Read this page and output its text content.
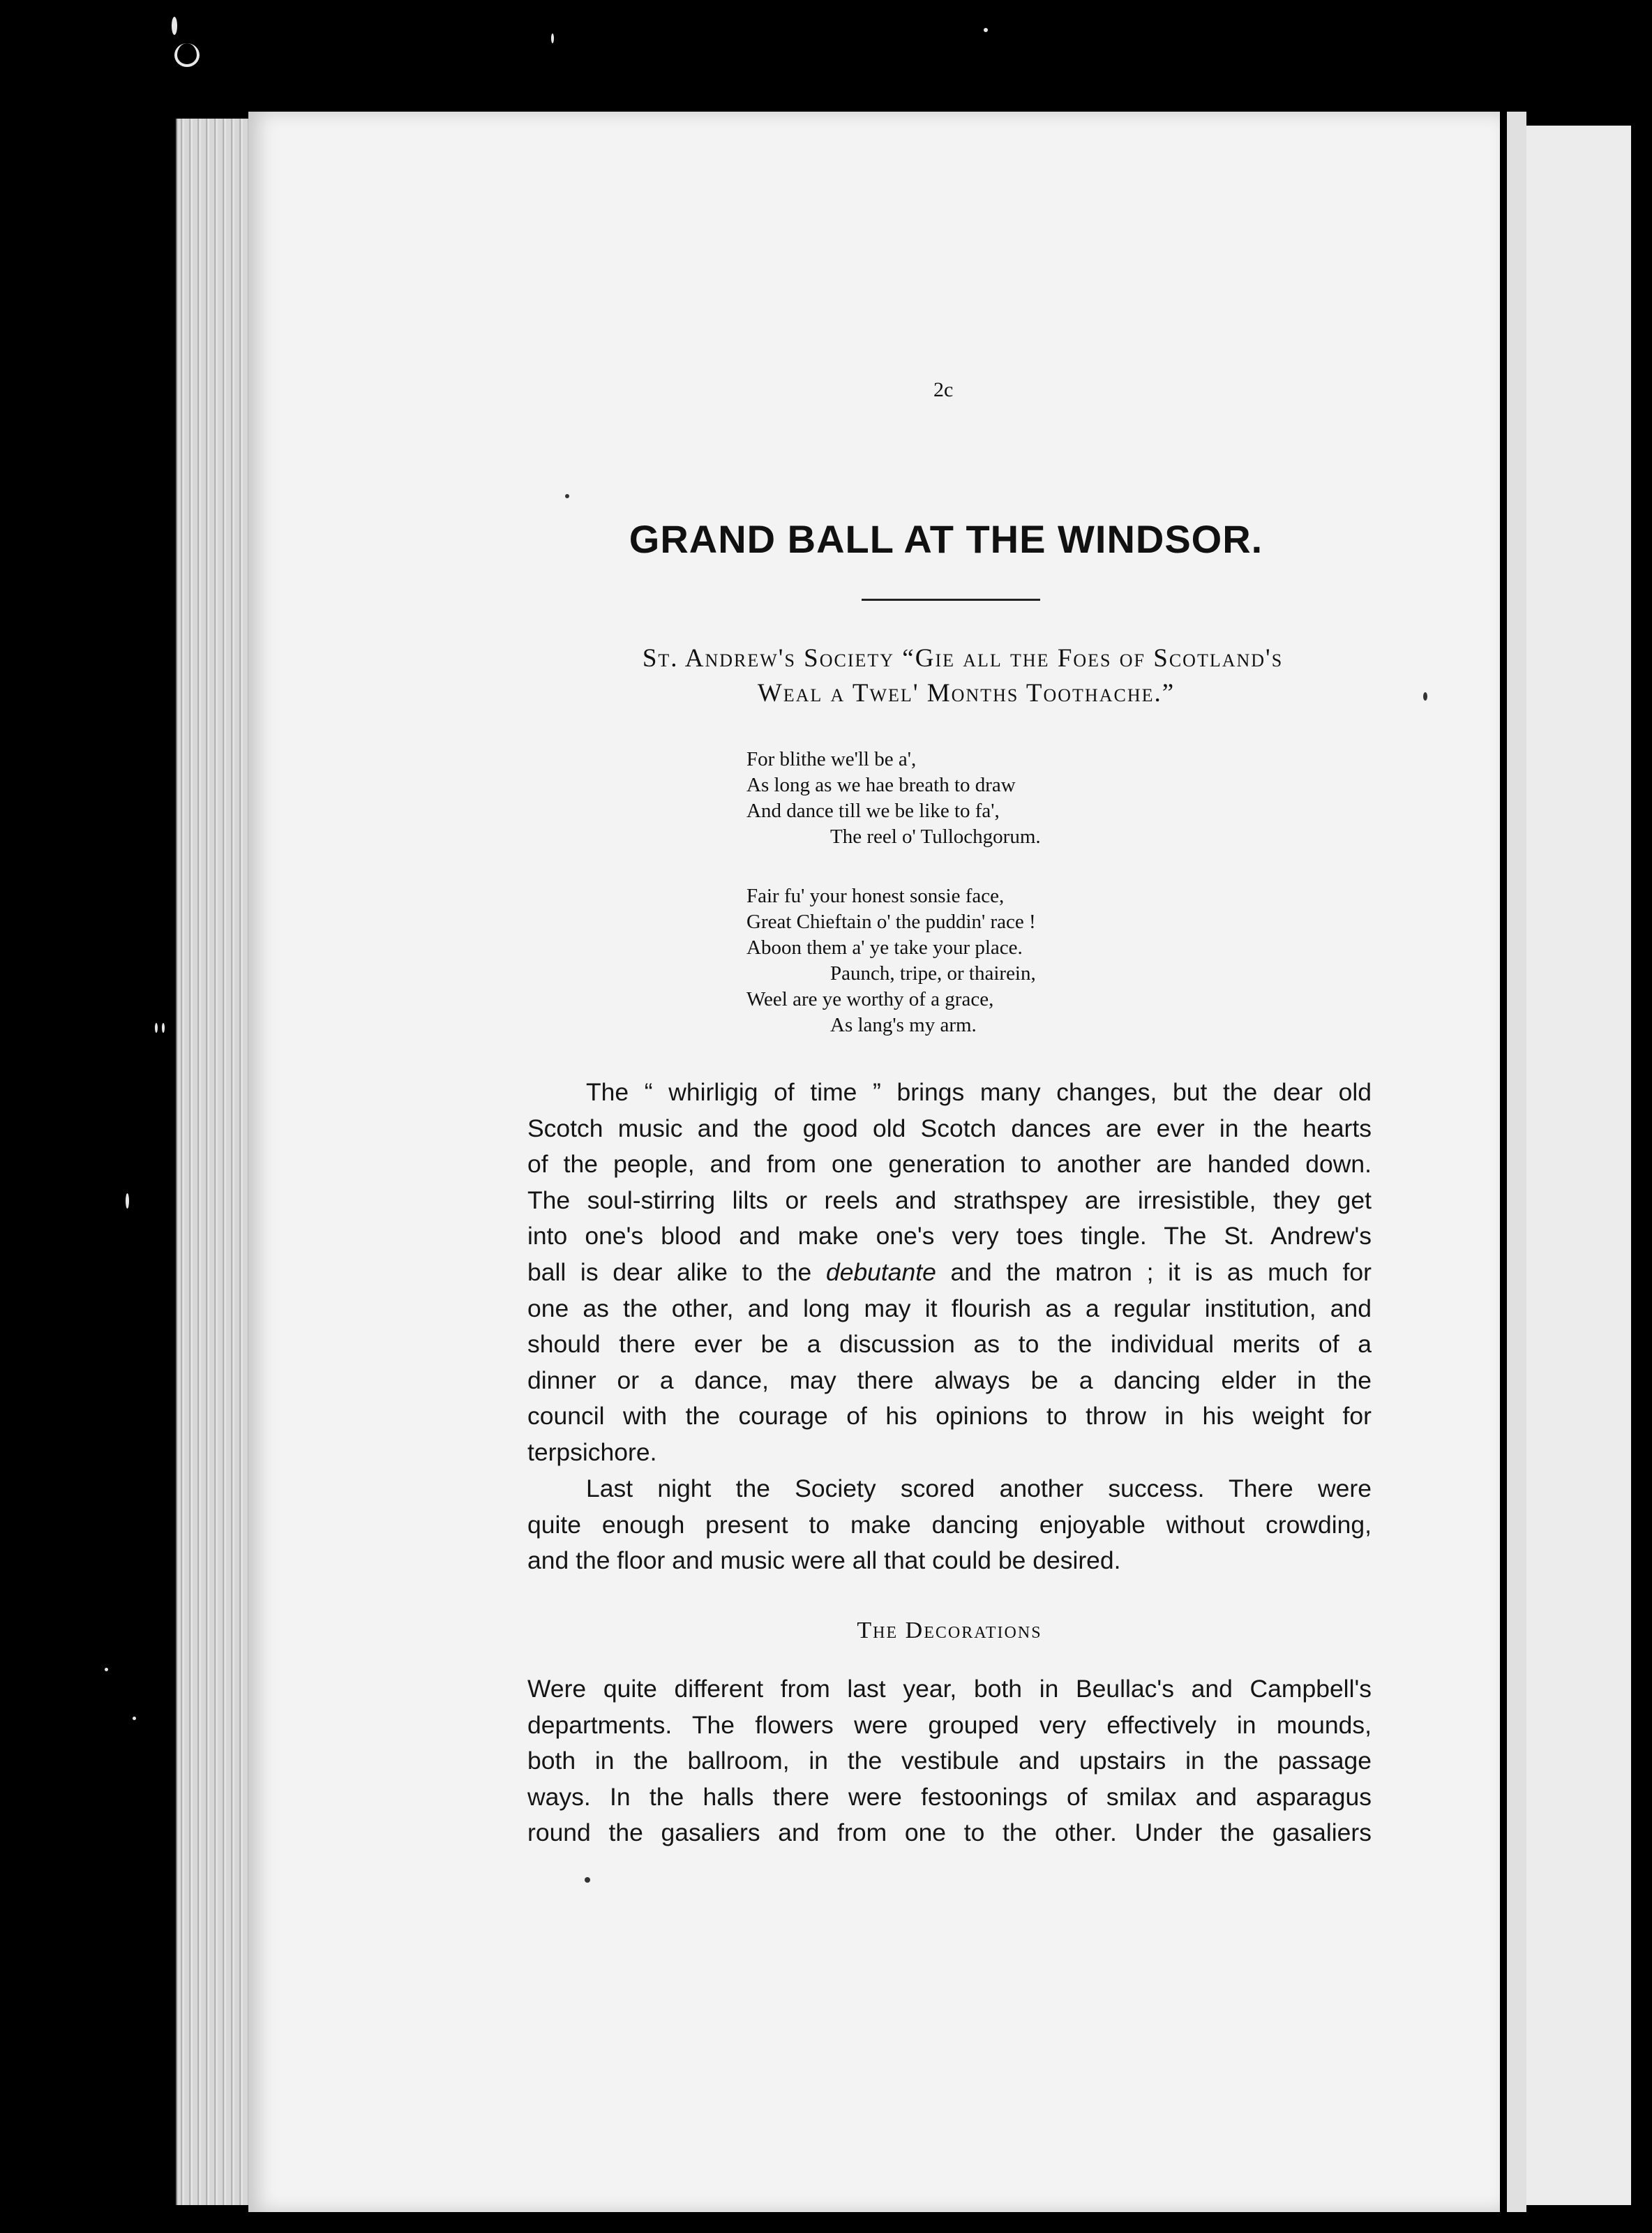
2c

GRAND BALL AT THE WINDSOR.

St. Andrew's Society “Gie all the Foes of Scotland's

Weal a Twel' Months Toothache.”

For blithe we'll be a',
As long as we hae breath to draw
And dance till we be like to fa',
The reel o' Tullochgorum.
Fair fu' your honest sonsie face,
Great Chieftain o' the puddin' race !
Aboon them a' ye take your place.
Paunch, tripe, or thairein,
Weel are ye worthy of a grace,
As lang's my arm.
The “ whirligig of time ” brings many changes, but the dear old
Scotch music and the good old Scotch dances are ever in the hearts
of the people, and from one generation to another are handed down.
The soul-stirring lilts or reels and strathspey are irresistible, they get
into one's blood and make one's very toes tingle. The St. Andrew's
ball is dear alike to the debutante and the matron ; it is as much for
one as the other, and long may it flourish as a regular institution, and
should there ever be a discussion as to the individual merits of a
dinner or a dance, may there always be a dancing elder in the
council with the courage of his opinions to throw in his weight for
terpsichore.
Last night the Society scored another success. There were
quite enough present to make dancing enjoyable without crowding,
and the floor and music were all that could be desired.

The Decorations

Were quite different from last year, both in Beullac's and Campbell's
departments. The flowers were grouped very effectively in mounds,
both in the ballroom, in the vestibule and upstairs in the passage
ways. In the halls there were festoonings of smilax and asparagus
round the gasaliers and from one to the other. Under the gasaliers
